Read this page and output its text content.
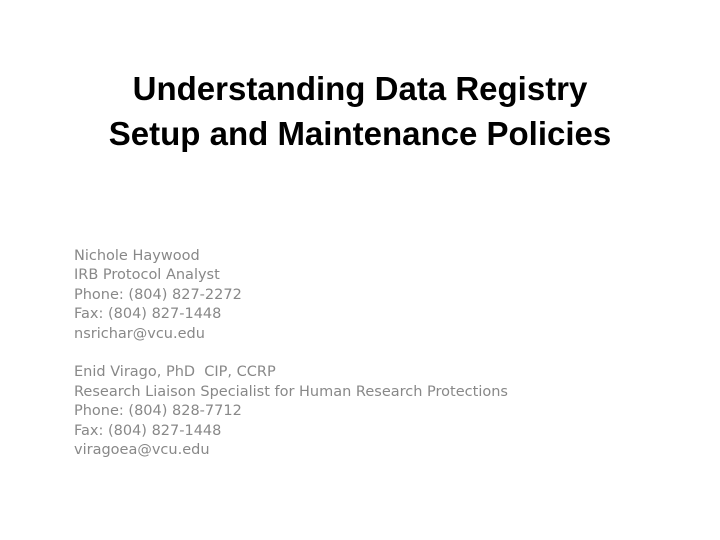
Understanding Data Registry
Setup and Maintenance Policies
Nichole Haywood
IRB Protocol Analyst
Phone: (804) 827-2272
Fax: (804) 827-1448
nsrichar@vcu.edu
Enid Virago, PhD  CIP, CCRP
Research Liaison Specialist for Human Research Protections
Phone: (804) 828-7712
Fax: (804) 827-1448
viragoea@vcu.edu
